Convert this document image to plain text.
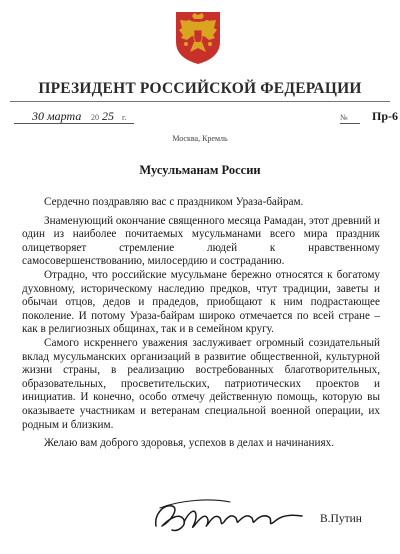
ПРЕЗИДЕНТ РОССИЙСКОЙ ФЕДЕРАЦИИ
30 марта 20 25 г.	№ Пр-6
Москва, Кремль
Мусульманам России

Сердечно поздравляю вас с праздником Ураза-байрам.

Знаменующий окончание священного месяца Рамадан, этот древний и один из наиболее почитаемых мусульманами всего мира праздник олицетворяет стремление людей к нравственному самосовершенствованию, милосердию и состраданию.

Отрадно, что российские мусульмане бережно относятся к богатому духовному, историческому наследию предков, чтут традиции, заветы и обычаи отцов, дедов и прадедов, приобщают к ним подрастающее поколение. И потому Ураза-байрам широко отмечается по всей стране – как в религиозных общинах, так и в семейном кругу.

Самого искреннего уважения заслуживает огромный созидательный вклад мусульманских организаций в развитие общественной, культурной жизни страны, в реализацию востребованных благотворительных, образовательных, просветительских, патриотических проектов и инициатив. И конечно, особо отмечу действенную помощь, которую вы оказываете участникам и ветеранам специальной военной операции, их родным и близким.

Желаю вам доброго здоровья, успехов в делах и начинаниях.

В.Путин
